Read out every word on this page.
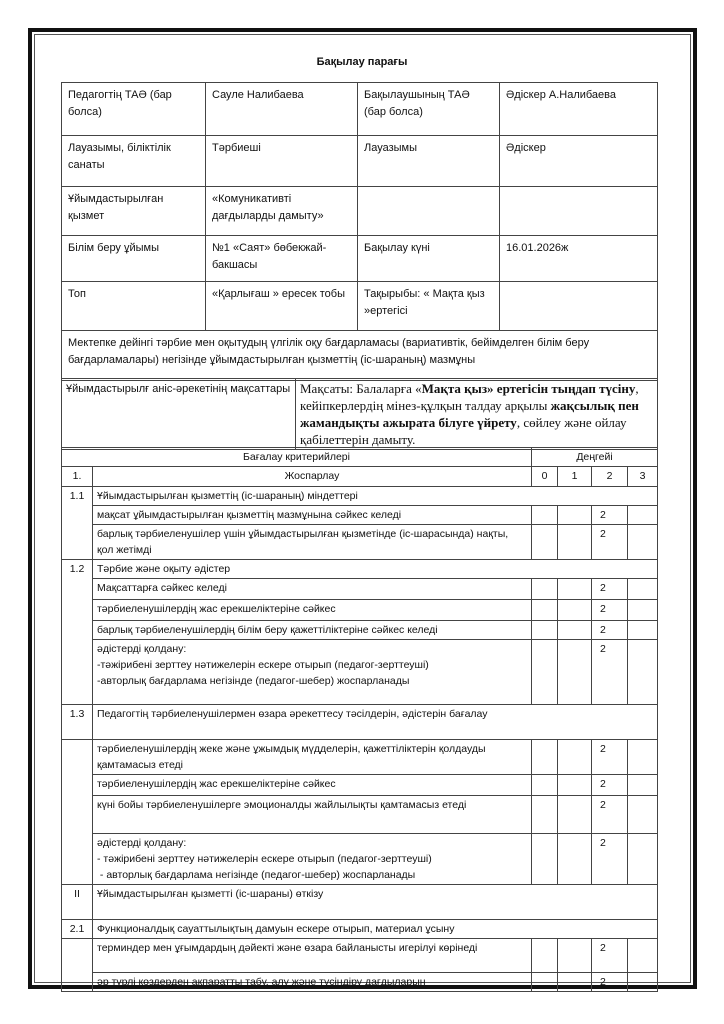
Бақылау парағы
Педагогтің ТАӘ (бар болса)	Сауле Налибаева	Бақылаушының ТАӘ (бар болса)	Әдіскер А.Налибаева
Лауазымы, біліктілік санаты	Тәрбиеші	Лауазымы	Әдіскер
Ұйымдастырылған қызмет	«Комуникативті дағдыларды дамыту»		
Білім беру ұйымы	№1 «Саят» бөбекжай-бакшасы	Бақылау күні	16.01.2026ж
Топ	«Қарлығаш » ересек тобы	Тақырыбы: « Мақта қыз »ертегісі	
Мектепке дейінгі тәрбие мен оқытудың үлгілік оқу бағдарламасы (вариативтік, бейімделген білім беру бағдарламалары) негізінде ұйымдастырылған қызметтің (іс-шараның) мазмұны			
Ұйымдастырылғ аніс-әрекетінің мақсаттары	Мақсаты: Балаларға «Мақта қыз» ертегісін тыңдап түсіну, кейіпкерлердің мінез-құлқын талдау арқылы жақсылық пен жамандықты ажырата білуге үйрету, сөйлеу және ойлау қабілеттерін дамыту.
Бағалау критерийлері		Деңгейі			
1.	Жоспарлау	0	1	2	3
1.1	Ұйымдастырылған қызметтің (іс-шараның) міндеттері				
	мақсат ұйымдастырылған қызметтің мазмұнына сәйкес келеді			2	
	барлық тәрбиеленушілер үшін ұйымдастырылған қызметінде (іс-шарасында) нақты, қол жетімді			2	
1.2	Тәрбие және оқыту әдістер				
	Мақсаттарға сәйкес келеді			2	
	тәрбиеленушілердің жас ерекшеліктеріне сәйкес			2	
	барлық тәрбиеленушілердің білім беру қажеттіліктеріне сәйкес келеді			2	

	әдістерді қолдану:
-тәжірибені зерттеу нәтижелерін ескере отырып (педагог-зерттеуші)
-авторлық бағдарлама негізінде (педагог-шебер) жоспарланады			2	
1.3	Педагогтің тәрбиеленушілермен өзара әрекеттесу тәсілдерін, әдістерін бағалау				
	тәрбиеленушілердің жеке және ұжымдық мүдделерін, қажеттіліктерін қолдауды қамтамасыз етеді			2	
	тәрбиеленушілердің жас ерекшеліктеріне сәйкес			2	
	күні бойы тәрбиеленушілерге эмоционалды жайлылықты қамтамасыз етеді			2	

	әдістерді қолдану:
- тәжірибені зерттеу нәтижелерін ескере отырып (педагог-зерттеуші)
- авторлық бағдарлама негізінде (педагог-шебер) жоспарланады			2	
II	Ұйымдастырылған қызметті (іс-шараны) өткізу				
2.1	Функционалдық сауаттылықтың дамуын ескере отырып, материал ұсыну				
	терминдер мен ұғымдардың дәйекті және өзара байланысты игерілуі көрінеді			2	
	әр түрлі көздерден ақпаратты табу, алу және түсіндіру дағдыларын			2	
